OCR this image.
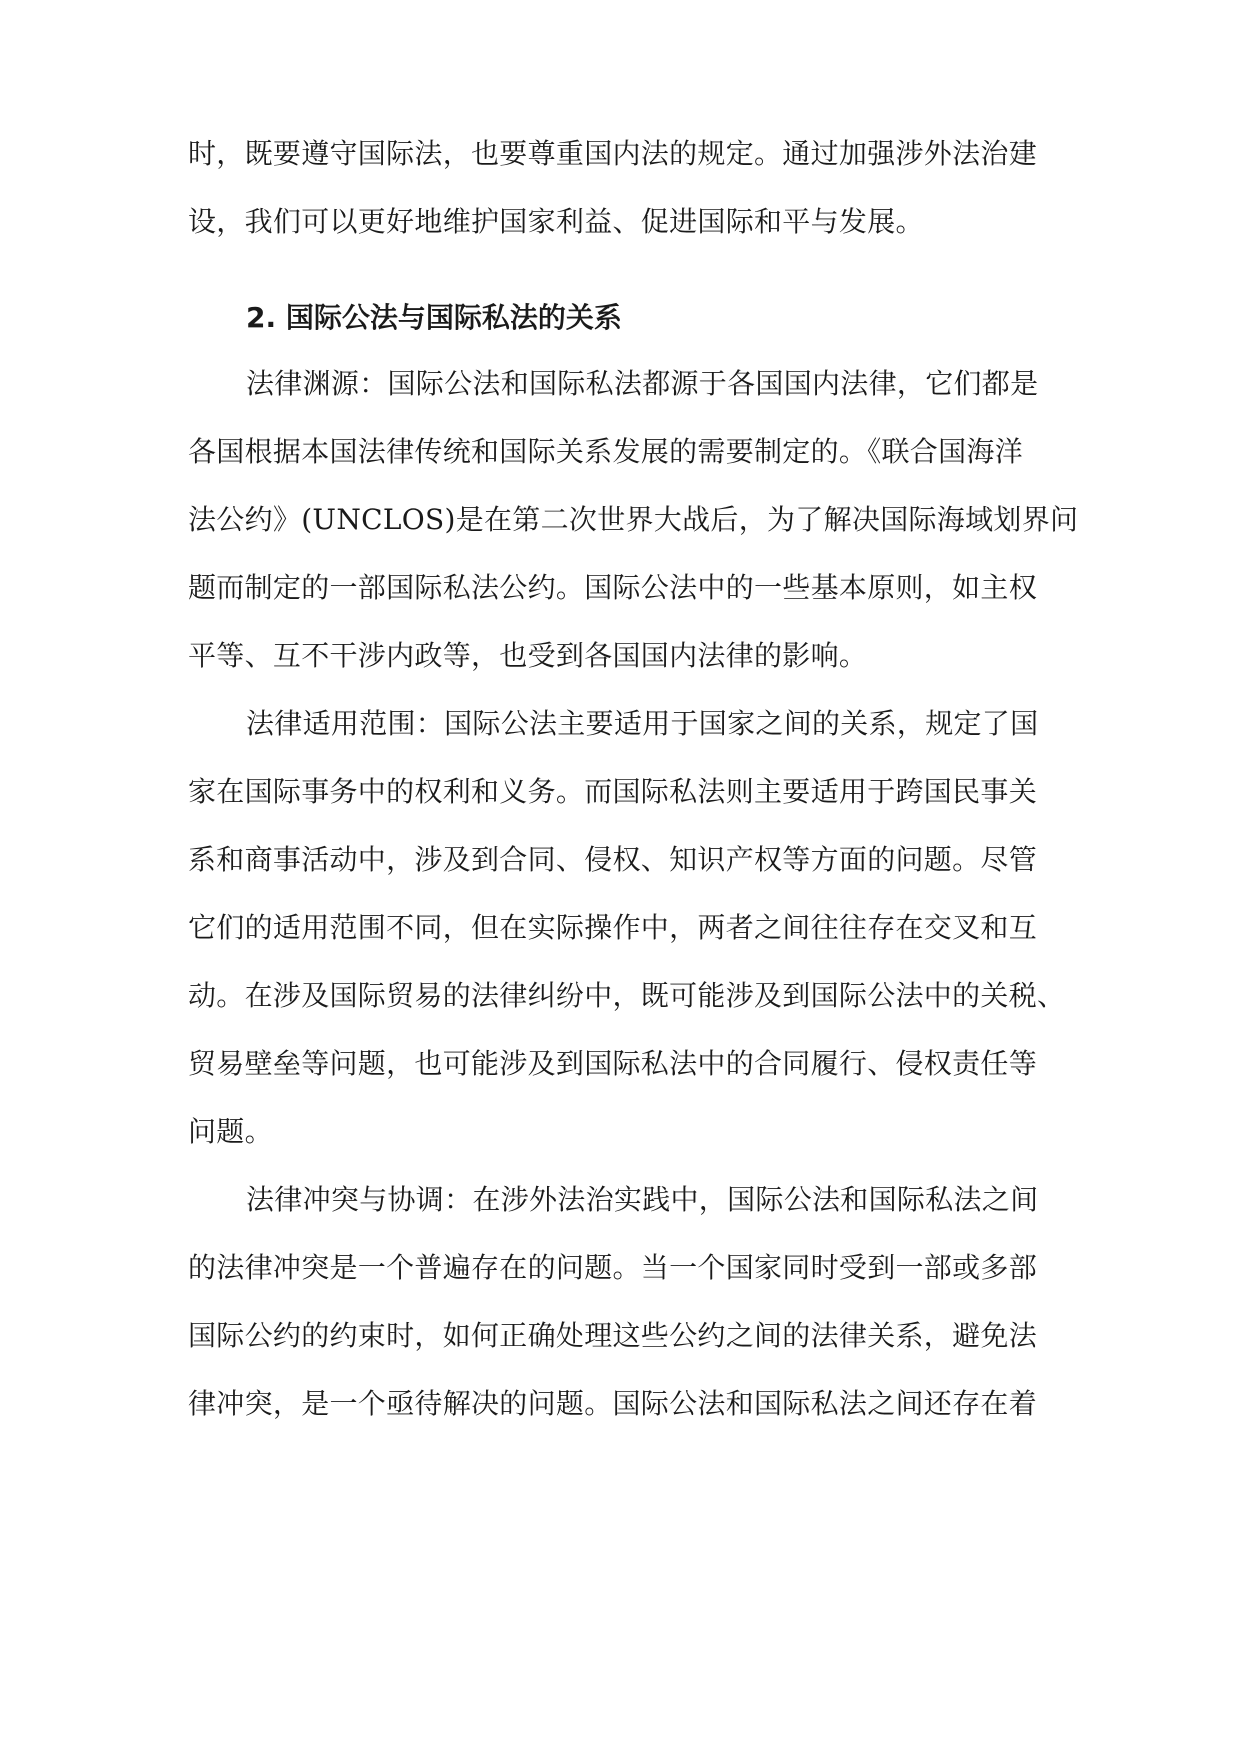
时，既要遵守国际法，也要尊重国内法的规定。通过加强涉外法治建
设，我们可以更好地维护国家利益、促进国际和平与发展。
2. 国际公法与国际私法的关系
法律渊源：国际公法和国际私法都源于各国国内法律，它们都是
各国根据本国法律传统和国际关系发展的需要制定的。《联合国海洋
法公约》(UNCLOS)是在第二次世界大战后，为了解决国际海域划界问
题而制定的一部国际私法公约。国际公法中的一些基本原则，如主权
平等、互不干涉内政等，也受到各国国内法律的影响。
法律适用范围：国际公法主要适用于国家之间的关系，规定了国
家在国际事务中的权利和义务。而国际私法则主要适用于跨国民事关
系和商事活动中，涉及到合同、侵权、知识产权等方面的问题。尽管
它们的适用范围不同，但在实际操作中，两者之间往往存在交叉和互
动。在涉及国际贸易的法律纠纷中，既可能涉及到国际公法中的关税、
贸易壁垒等问题，也可能涉及到国际私法中的合同履行、侵权责任等
问题。
法律冲突与协调：在涉外法治实践中，国际公法和国际私法之间
的法律冲突是一个普遍存在的问题。当一个国家同时受到一部或多部
国际公约的约束时，如何正确处理这些公约之间的法律关系，避免法
律冲突，是一个亟待解决的问题。国际公法和国际私法之间还存在着
